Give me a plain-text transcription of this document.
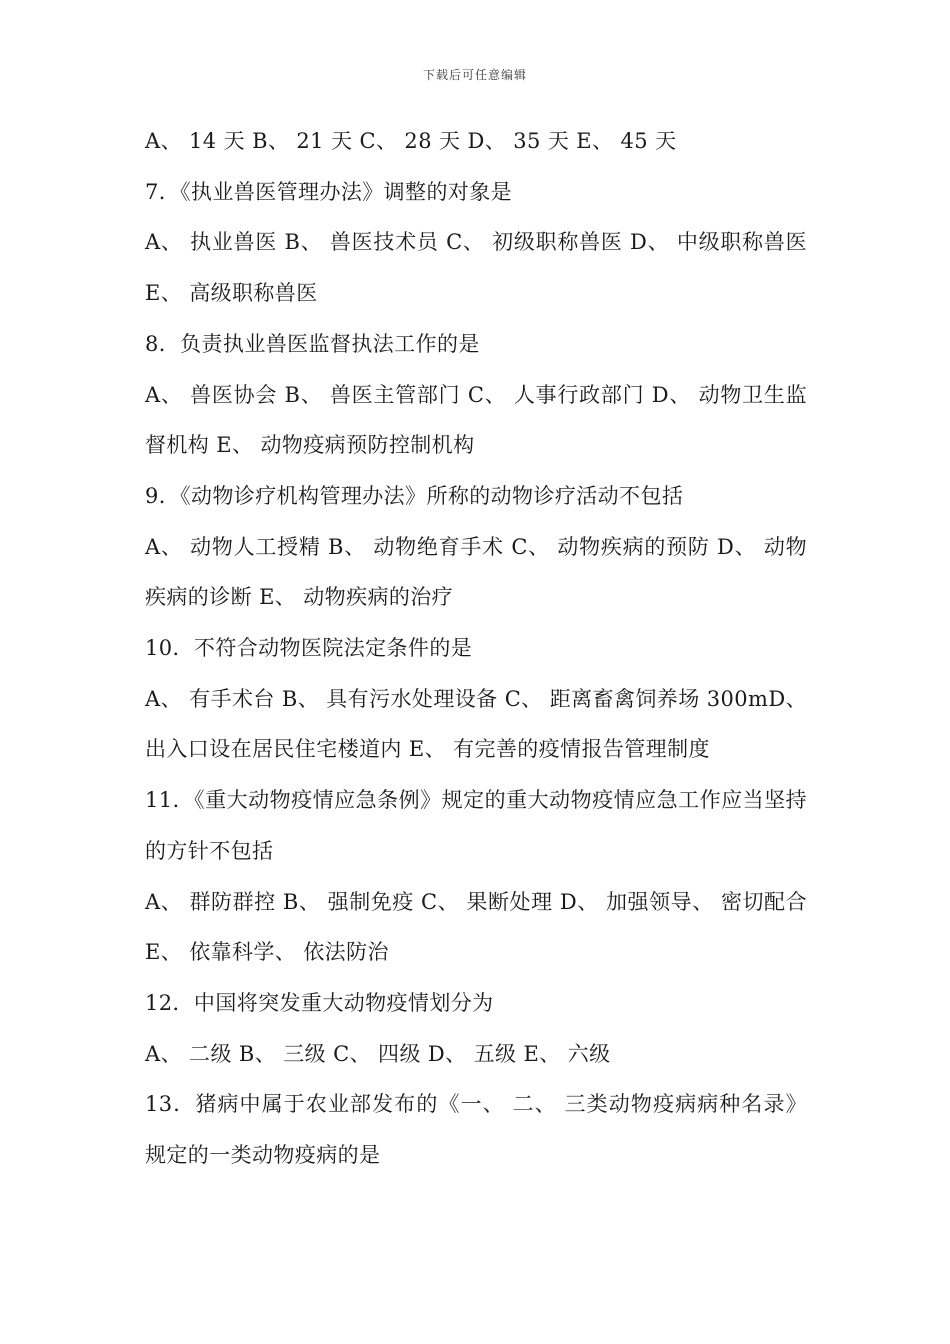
下载后可任意编辑

A、 14 天 B、 21 天 C、 28 天 D、 35 天 E、 45 天

7．《执业兽医管理办法》调整的对象是

A、 执业兽医 B、 兽医技术员 C、 初级职称兽医 D、 中级职称兽医 E、 高级职称兽医

8．负责执业兽医监督执法工作的是

A、 兽医协会 B、 兽医主管部门 C、 人事行政部门 D、 动物卫生监督机构 E、 动物疫病预防控制机构

9．《动物诊疗机构管理办法》所称的动物诊疗活动不包括

A、 动物人工授精 B、 动物绝育手术 C、 动物疾病的预防 D、 动物疾病的诊断 E、 动物疾病的治疗

10．不符合动物医院法定条件的是

A、 有手术台 B、 具有污水处理设备 C、 距离畜禽饲养场 300mD、 出入口设在居民住宅楼道内 E、 有完善的疫情报告管理制度

11．《重大动物疫情应急条例》规定的重大动物疫情应急工作应当坚持的方针不包括

A、 群防群控 B、 强制免疫 C、 果断处理 D、 加强领导、 密切配合 E、 依靠科学、 依法防治

12．中国将突发重大动物疫情划分为

A、 二级 B、 三级 C、 四级 D、 五级 E、 六级

13．猪病中属于农业部发布的《一、 二、 三类动物疫病病种名录》规定的一类动物疫病的是
